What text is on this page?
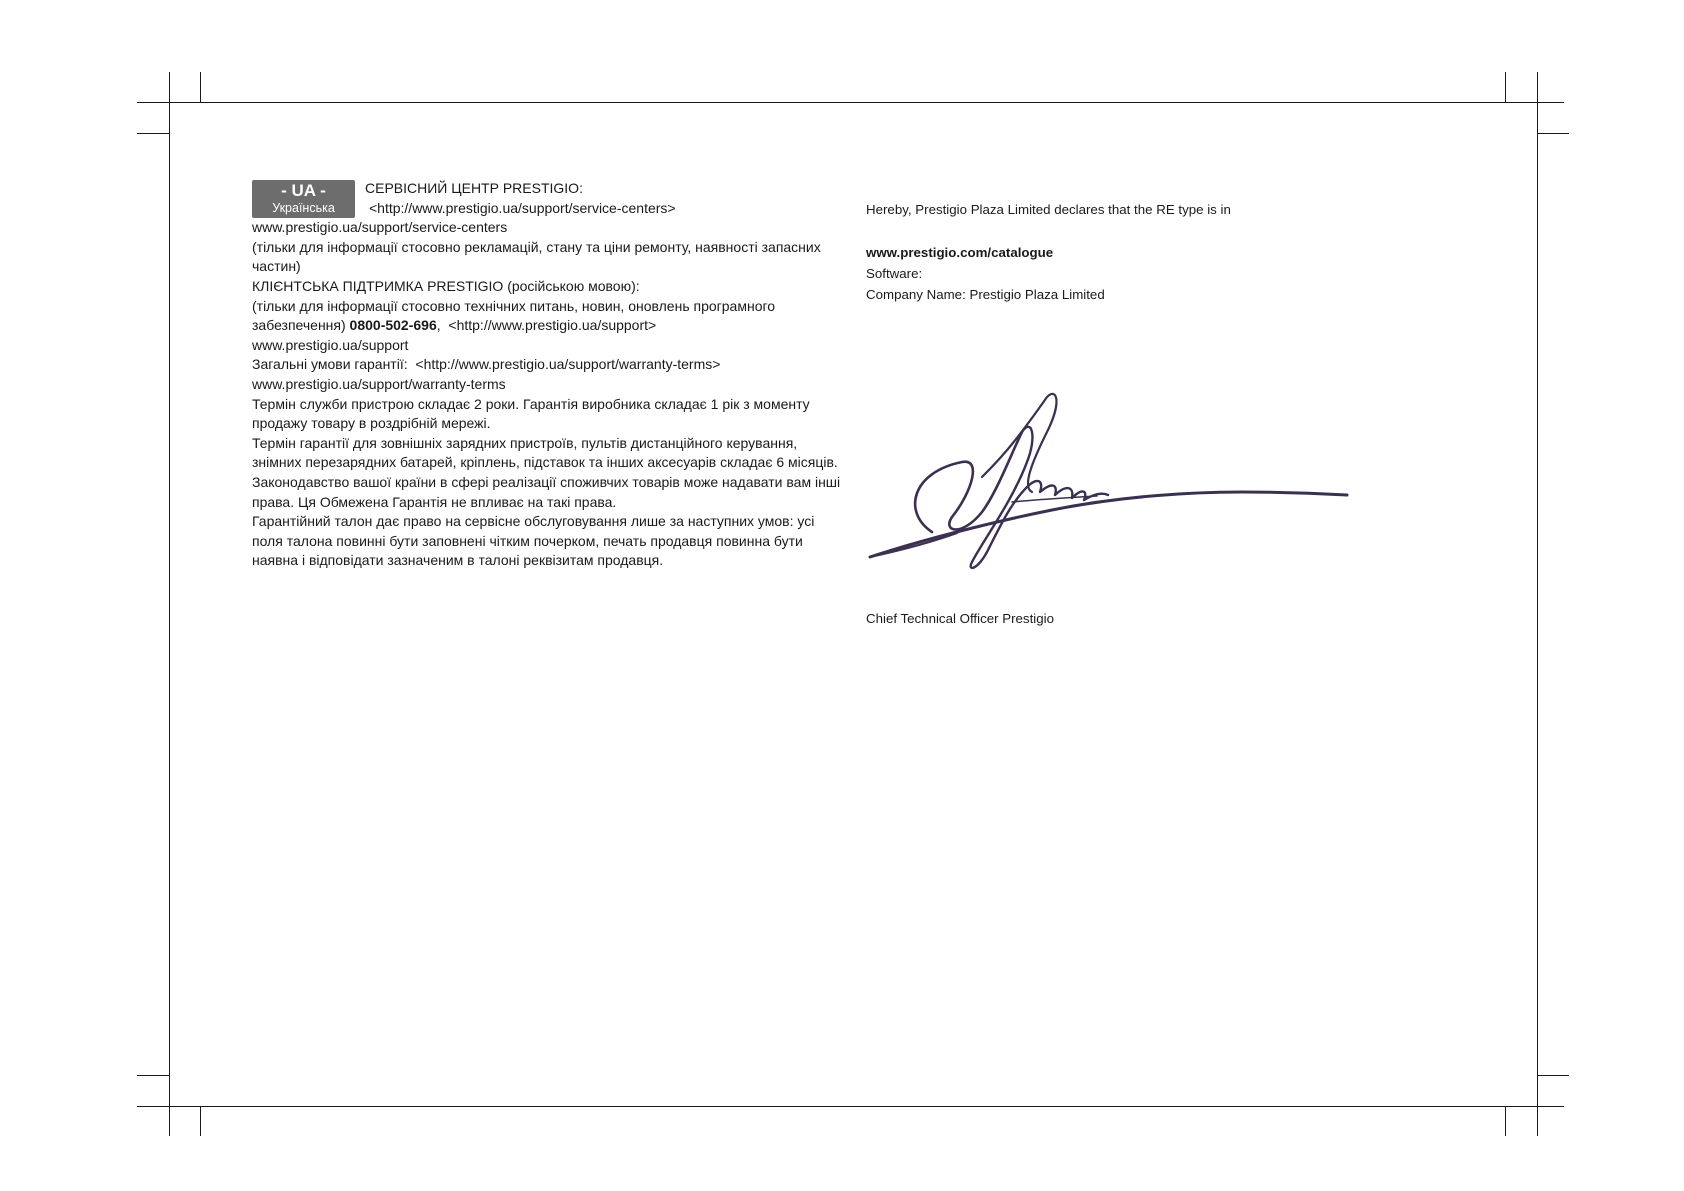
- UA -
Українська

СЕРВІСНИЙ ЦЕНТР PRESTIGIO:

<http://www.prestigio.ua/support/service-centers>

www.prestigio.ua/support/service-centers

(тільки для інформації стосовно рекламацій, стану та ціни ремонту, наявності запасних частин)

КЛІЄНТСЬКА ПІДТРИМКА PRESTIGIO (російською мовою):

(тільки для інформації стосовно технічних питань, новин, оновлень програмного забезпечення) 0800-502-696,  <http://www.prestigio.ua/support>

www.prestigio.ua/support

Загальні умови гарантії: <http://www.prestigio.ua/support/warranty-terms>

www.prestigio.ua/support/warranty-terms

Термін служби пристрою складає 2 роки. Гарантія виробника складає 1 рік з моменту продажу товару в роздрібній мережі.

Термін гарантії для зовнішніх зарядних пристроїв, пультів дистанційного керування, знімних перезарядних батарей, кріплень, підставок та інших аксесуарів складає 6 місяців.

Законодавство вашої країни в сфері реалізації споживчих товарів може надавати вам інші права. Ця Обмежена Гарантія не впливає на такі права.

Гарантійний талон дає право на сервісне обслуговування лише за наступних умов: усі поля талона повинні бути заповнені чітким почерком, печать продавця повинна бути наявна і відповідати зазначеним в талоні реквізитам продавця.

Hereby, Prestigio Plaza Limited declares that the RE type is in

www.prestigio.com/catalogue

Software:

Company Name: Prestigio Plaza Limited

Chief Technical Officer Prestigio
